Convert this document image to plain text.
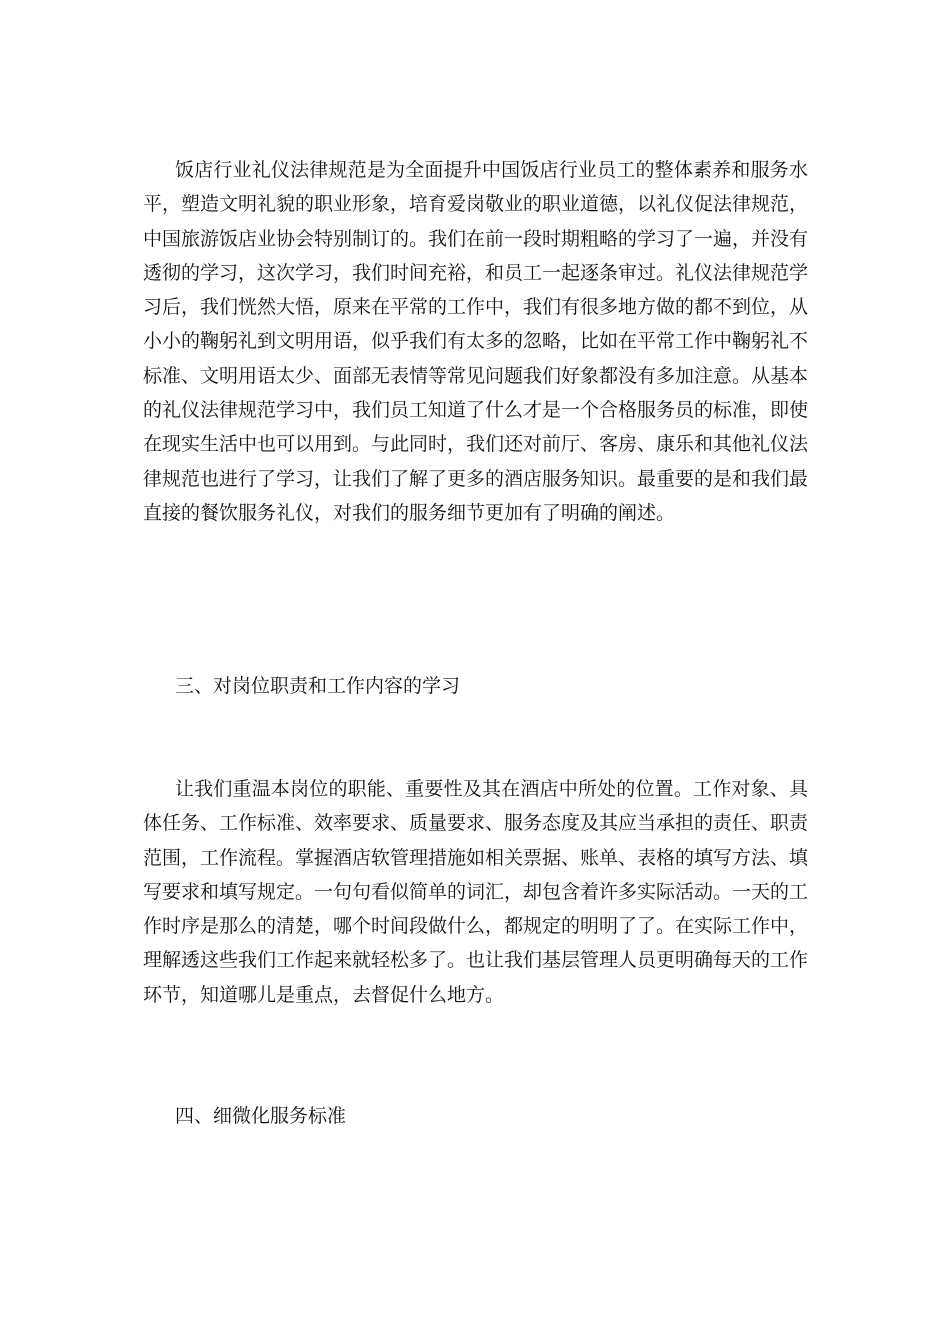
饭店行业礼仪法律规范是为全面提升中国饭店行业员工的整体素养和服务水平，塑造文明礼貌的职业形象，培育爱岗敬业的职业道德，以礼仪促法律规范，中国旅游饭店业协会特别制订的。我们在前一段时期粗略的学习了一遍，并没有透彻的学习，这次学习，我们时间充裕，和员工一起逐条审过。礼仪法律规范学习后，我们恍然大悟，原来在平常的工作中，我们有很多地方做的都不到位，从小小的鞠躬礼到文明用语，似乎我们有太多的忽略，比如在平常工作中鞠躬礼不标准、文明用语太少、面部无表情等常见问题我们好象都没有多加注意。从基本的礼仪法律规范学习中，我们员工知道了什么才是一个合格服务员的标准，即使在现实生活中也可以用到。与此同时，我们还对前厅、客房、康乐和其他礼仪法律规范也进行了学习，让我们了解了更多的酒店服务知识。最重要的是和我们最直接的餐饮服务礼仪，对我们的服务细节更加有了明确的阐述。

三、对岗位职责和工作内容的学习

让我们重温本岗位的职能、重要性及其在酒店中所处的位置。工作对象、具体任务、工作标准、效率要求、质量要求、服务态度及其应当承担的责任、职责范围，工作流程。掌握酒店软管理措施如相关票据、账单、表格的填写方法、填写要求和填写规定。一句句看似简单的词汇，却包含着许多实际活动。一天的工作时序是那么的清楚，哪个时间段做什么，都规定的明明了了。在实际工作中，理解透这些我们工作起来就轻松多了。也让我们基层管理人员更明确每天的工作环节，知道哪儿是重点，去督促什么地方。

四、细微化服务标准
